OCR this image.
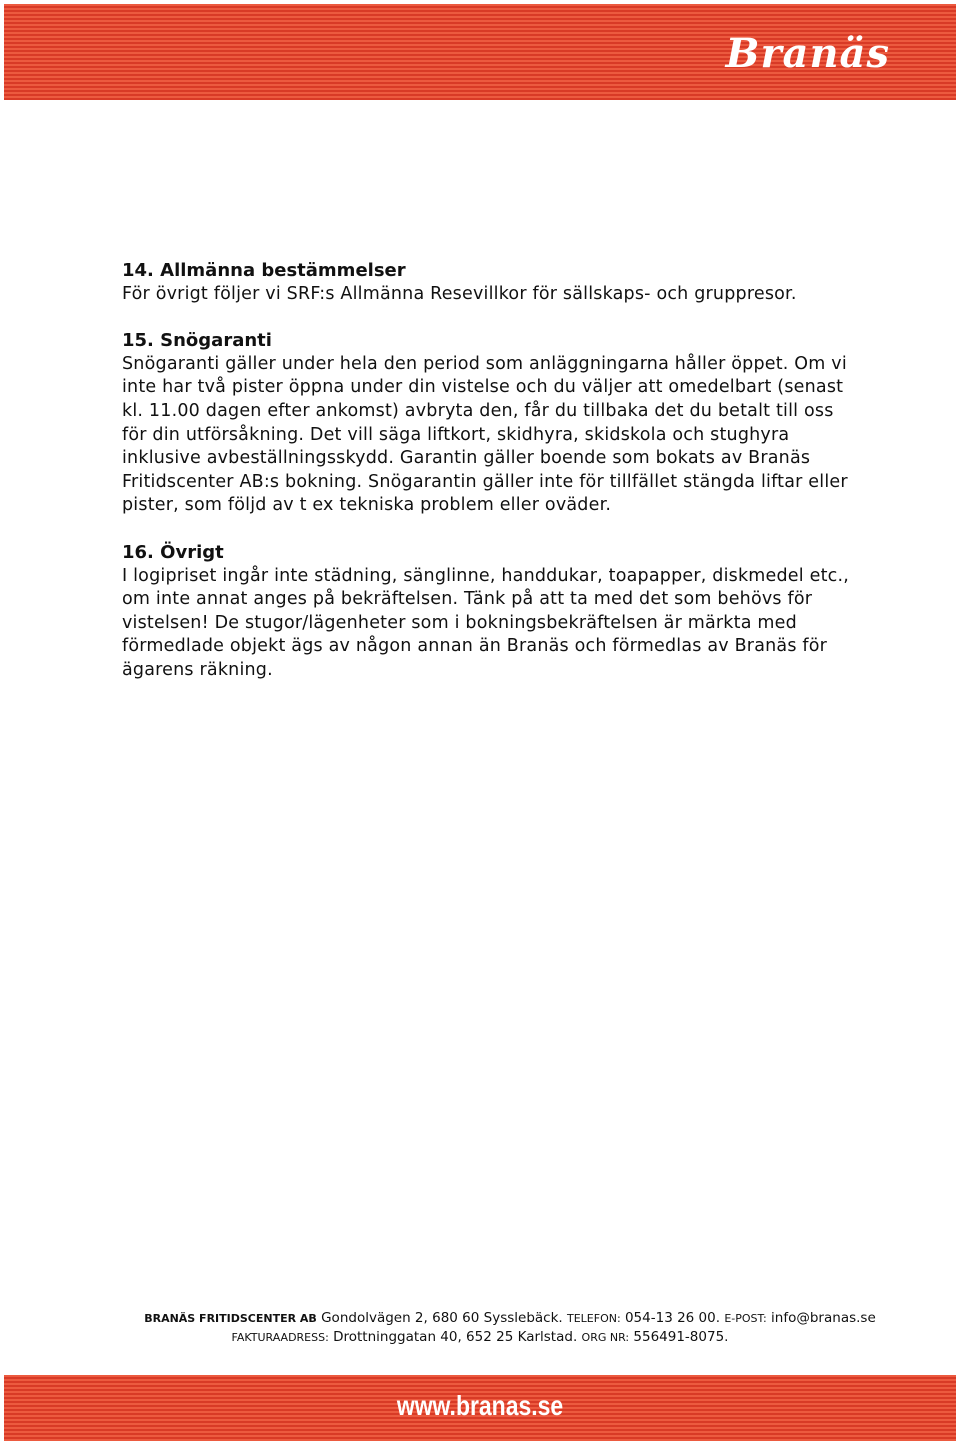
Branäs
14. Allmänna bestämmelser

För övrigt följer vi SRF:s Allmänna Resevillkor för sällskaps- och gruppresor.

15. Snögaranti

Snögaranti gäller under hela den period som anläggningarna håller öppet. Om vi inte har två pister öppna under din vistelse och du väljer att omedelbart (senast kl. 11.00 dagen efter ankomst) avbryta den, får du tillbaka det du betalt till oss för din utförsåkning. Det vill säga liftkort, skidhyra, skidskola och stughyra inklusive avbeställningsskydd. Garantin gäller boende som bokats av Branäs Fritidscenter AB:s bokning. Snögarantin gäller inte för tillfället stängda liftar eller pister, som följd av t ex tekniska problem eller oväder.

16. Övrigt

I logipriset ingår inte städning, sänglinne, handdukar, toapapper, diskmedel etc., om inte annat anges på bekräftelsen. Tänk på att ta med det som behövs för vistelsen! De stugor/lägenheter som i bokningsbekräftelsen är märkta med förmedlade objekt ägs av någon annan än Branäs och förmedlas av Branäs för ägarens räkning.

BRANÄS FRITIDSCENTER AB Gondolvägen 2, 680 60 Sysslebäck. TELEFON: 054-13 26 00. E-POST: info@branas.se
FAKTURAADRESS: Drottninggatan 40, 652 25 Karlstad. ORG NR: 556491-8075.
www.branas.se
